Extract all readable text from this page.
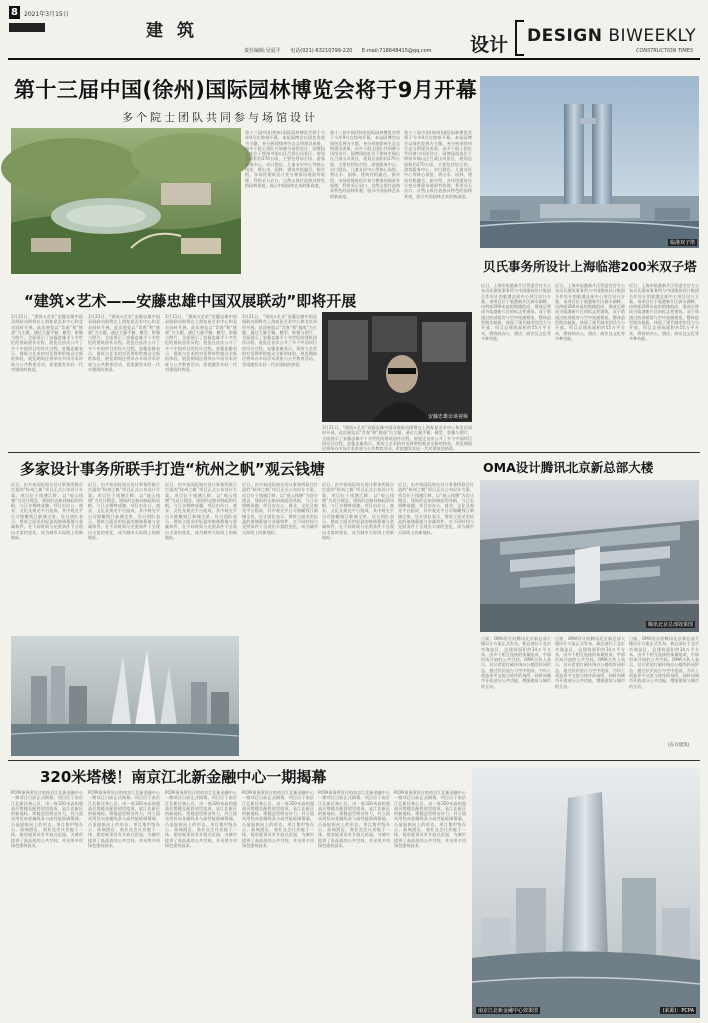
8	2021年3月15日
建筑
责任编辑:吴夏平 电话(021)-63210799-220 E-mail:718648415@qq.com 设计 DESIGN BIWEEKLY
CONSTRUCTION TIMES
第十三届中国(徐州)国际园林博览会将于9月开幕
多个院士团队共同参与场馆设计
第十三届中国(徐州)国际园林博览会将于今年9月在徐州开幕。本届园博会以绿色发展为主题，充分展现徐州生态文明建设成果，由多个院士团队共同参与场馆设计。园博园选址位于徐州市铜山区吕梁山风景区，规划总面积约270公顷，主要包括综合馆、游客服务中心、宕口酒店、儿童友好中心等核心场馆，将山水、园林、建筑有机融合。据介绍，各场馆建筑设计充分尊重场地原有肌理，利用采石宕口、自然山体打造独具特色的园林景观，展示中国园林艺术的新高度。
第十三届中国(徐州)国际园林博览会将于今年9月在徐州开幕。本届园博会以绿色发展为主题，充分展现徐州生态文明建设成果，由多个院士团队共同参与场馆设计。园博园选址位于徐州市铜山区吕梁山风景区，规划总面积约270公顷，主要包括综合馆、游客服务中心、宕口酒店、儿童友好中心等核心场馆，将山水、园林、建筑有机融合。据介绍，各场馆建筑设计充分尊重场地原有肌理，利用采石宕口、自然山体打造独具特色的园林景观，展示中国园林艺术的新高度。
第十三届中国(徐州)国际园林博览会将于今年9月在徐州开幕。本届园博会以绿色发展为主题，充分展现徐州生态文明建设成果，由多个院士团队共同参与场馆设计。园博园选址位于徐州市铜山区吕梁山风景区，规划总面积约270公顷，主要包括综合馆、游客服务中心、宕口酒店、儿童友好中心等核心场馆，将山水、园林、建筑有机融合。据介绍，各场馆建筑设计充分尊重场地原有肌理，利用采石宕口、自然山体打造独具特色的园林景观，展示中国园林艺术的新高度。
临港双子塔
贝氏事务所设计上海临港200米双子塔
近日，上海市临港新片区管委会官方公布贝氏建筑事务所与中国建筑设计集团合作设计的临港总部中心项目设计方案。该项目位于临港新片区滴水湖畔，由两座200米高的塔楼组成，建成后将成为临港新片区的标志性建筑。双子塔通过底部裙房与空中连廊相连，整体造型简洁挺拔，体现了现代城市的活力与开放。项目总建筑面积约55万平方米，将容纳办公、酒店、商业及文化等多种功能。
近日，上海市临港新片区管委会官方公布贝氏建筑事务所与中国建筑设计集团合作设计的临港总部中心项目设计方案。该项目位于临港新片区滴水湖畔，由两座200米高的塔楼组成，建成后将成为临港新片区的标志性建筑。双子塔通过底部裙房与空中连廊相连，整体造型简洁挺拔，体现了现代城市的活力与开放。项目总建筑面积约55万平方米，将容纳办公、酒店、商业及文化等多种功能。
近日，上海市临港新片区管委会官方公布贝氏建筑事务所与中国建筑设计集团合作设计的临港总部中心项目设计方案。该项目位于临港新片区滴水湖畔，由两座200米高的塔楼组成，建成后将成为临港新片区的标志性建筑。双子塔通过底部裙房与空中连廊相连，整体造型简洁挺拔，体现了现代城市的活力与开放。项目总建筑面积约55万平方米，将容纳办公、酒店、商业及文化等多种功能。
“建筑×艺术——安藤忠雄中国双展联动”即将开展
3月21日，“建筑×艺术”安藤忠雄中国双展联动即将在上海复星艺术中心和北京同时开展。此次展览以“青春”和“挑战”为主题，通过大量手稿、模型、影像与照片，全面展示了安藤忠雄半个多世纪的建筑创作历程。展览还首次公开了多个中国项目的设计过程。安藤忠雄表示，建筑与艺术的对话将带给观众全新的体验，展览期间还将举办多场学术讲座与公共教育活动，希望激发年轻一代对建筑的热爱。
3月21日，“建筑×艺术”安藤忠雄中国双展联动即将在上海复星艺术中心和北京同时开展。此次展览以“青春”和“挑战”为主题，通过大量手稿、模型、影像与照片，全面展示了安藤忠雄半个多世纪的建筑创作历程。展览还首次公开了多个中国项目的设计过程。安藤忠雄表示，建筑与艺术的对话将带给观众全新的体验，展览期间还将举办多场学术讲座与公共教育活动，希望激发年轻一代对建筑的热爱。
3月21日，“建筑×艺术”安藤忠雄中国双展联动即将在上海复星艺术中心和北京同时开展。此次展览以“青春”和“挑战”为主题，通过大量手稿、模型、影像与照片，全面展示了安藤忠雄半个多世纪的建筑创作历程。展览还首次公开了多个中国项目的设计过程。安藤忠雄表示，建筑与艺术的对话将带给观众全新的体验，展览期间还将举办多场学术讲座与公共教育活动，希望激发年轻一代对建筑的热爱。
3月21日，“建筑×艺术”安藤忠雄中国双展联动即将在上海复星艺术中心和北京同时开展。此次展览以“青春”和“挑战”为主题，通过大量手稿、模型、影像与照片，全面展示了安藤忠雄半个多世纪的建筑创作历程。展览还首次公开了多个中国项目的设计过程。安藤忠雄表示，建筑与艺术的对话将带给观众全新的体验，展览期间还将举办多场学术讲座与公共教育活动，希望激发年轻一代对建筑的热爱。
安藤忠雄访谈视频
3月21日，“建筑×艺术”安藤忠雄中国双展联动即将在上海复星艺术中心和北京同时开展。此次展览以“青春”和“挑战”为主题，通过大量手稿、模型、影像与照片，全面展示了安藤忠雄半个多世纪的建筑创作历程。展览还首次公开了多个中国项目的设计过程。安藤忠雄表示，建筑与艺术的对话将带给观众全新的体验，展览期间还将举办多场学术讲座与公共教育活动，希望激发年轻一代对建筑的热爱。
多家设计事务所联手打造“杭州之帆”观云钱塘
近日，由多家国际知名设计事务所联合打造的“杭州之帆”项目正式公布设计方案。项目位于钱塘江畔，以“观云钱塘”为设计理念，建筑形态如同扬起的风帆，与江水相映成趣。项目由办公、商业、文化及观光平台组成，其中观光平台可俯瞰钱江新城全景。设计团队表示，建筑立面采用轻盈的玻璃幕墙与金属构件，在不同时间与光照条件下呈现出丰富的变化，成为城市天际线上的新地标。
近日，由多家国际知名设计事务所联合打造的“杭州之帆”项目正式公布设计方案。项目位于钱塘江畔，以“观云钱塘”为设计理念，建筑形态如同扬起的风帆，与江水相映成趣。项目由办公、商业、文化及观光平台组成，其中观光平台可俯瞰钱江新城全景。设计团队表示，建筑立面采用轻盈的玻璃幕墙与金属构件，在不同时间与光照条件下呈现出丰富的变化，成为城市天际线上的新地标。
近日，由多家国际知名设计事务所联合打造的“杭州之帆”项目正式公布设计方案。项目位于钱塘江畔，以“观云钱塘”为设计理念，建筑形态如同扬起的风帆，与江水相映成趣。项目由办公、商业、文化及观光平台组成，其中观光平台可俯瞰钱江新城全景。设计团队表示，建筑立面采用轻盈的玻璃幕墙与金属构件，在不同时间与光照条件下呈现出丰富的变化，成为城市天际线上的新地标。
近日，由多家国际知名设计事务所联合打造的“杭州之帆”项目正式公布设计方案。项目位于钱塘江畔，以“观云钱塘”为设计理念，建筑形态如同扬起的风帆，与江水相映成趣。项目由办公、商业、文化及观光平台组成，其中观光平台可俯瞰钱江新城全景。设计团队表示，建筑立面采用轻盈的玻璃幕墙与金属构件，在不同时间与光照条件下呈现出丰富的变化，成为城市天际线上的新地标。
近日，由多家国际知名设计事务所联合打造的“杭州之帆”项目正式公布设计方案。项目位于钱塘江畔，以“观云钱塘”为设计理念，建筑形态如同扬起的风帆，与江水相映成趣。项目由办公、商业、文化及观光平台组成，其中观光平台可俯瞰钱江新城全景。设计团队表示，建筑立面采用轻盈的玻璃幕墙与金属构件，在不同时间与光照条件下呈现出丰富的变化，成为城市天际线上的新地标。
近日，由多家国际知名设计事务所联合打造的“杭州之帆”项目正式公布设计方案。项目位于钱塘江畔，以“观云钱塘”为设计理念，建筑形态如同扬起的风帆，与江水相映成趣。项目由办公、商业、文化及观光平台组成，其中观光平台可俯瞰钱江新城全景。设计团队表示，建筑立面采用轻盈的玻璃幕墙与金属构件，在不同时间与光照条件下呈现出丰富的变化，成为城市天际线上的新地标。
OMA设计腾讯北京新总部大楼
腾讯北京总部效果图
日前，OMA设计的腾讯北京新总部大楼设计方案正式发布。新总部位于北京市海淀区，总建筑面积约34万平方米，由多个相互连接的体量组成，中部形成开放的公共空间。OMA合伙人表示，设计希望打破传统办公楼的封闭形态，通过层层退台与空中花园，为员工创造更多交流与协作的场所，同时向城市开放部分公共功能，增强建筑与城市的互动。
日前，OMA设计的腾讯北京新总部大楼设计方案正式发布。新总部位于北京市海淀区，总建筑面积约34万平方米，由多个相互连接的体量组成，中部形成开放的公共空间。OMA合伙人表示，设计希望打破传统办公楼的封闭形态，通过层层退台与空中花园，为员工创造更多交流与协作的场所，同时向城市开放部分公共功能，增强建筑与城市的互动。
日前，OMA设计的腾讯北京新总部大楼设计方案正式发布。新总部位于北京市海淀区，总建筑面积约34万平方米，由多个相互连接的体量组成，中部形成开放的公共空间。OMA合伙人表示，设计希望打破传统办公楼的封闭形态，通过层层退台与空中花园，为员工创造更多交流与协作的场所，同时向城市开放部分公共功能，增强建筑与城市的互动。
(东方建筑)
320米塔楼！南京江北新金融中心一期揭幕
PCPA事务所设计的南京江北新金融中心一期项目日前正式揭幕。项目位于南京江北新区核心区，由一座320米高的超高层塔楼及配套裙房组成，是江北新区的新地标。塔楼造型简洁有力，外立面采用竖向金属线条与高性能玻璃幕墙，凸显挺拔向上的形态。项目集甲级办公、高端酒店、商业及会议功能于一体，裙房屋顶设有开放式花园，为城市提供了高品质的公共空间，并采用多项绿色建筑技术。
PCPA事务所设计的南京江北新金融中心一期项目日前正式揭幕。项目位于南京江北新区核心区，由一座320米高的超高层塔楼及配套裙房组成，是江北新区的新地标。塔楼造型简洁有力，外立面采用竖向金属线条与高性能玻璃幕墙，凸显挺拔向上的形态。项目集甲级办公、高端酒店、商业及会议功能于一体，裙房屋顶设有开放式花园，为城市提供了高品质的公共空间，并采用多项绿色建筑技术。
PCPA事务所设计的南京江北新金融中心一期项目日前正式揭幕。项目位于南京江北新区核心区，由一座320米高的超高层塔楼及配套裙房组成，是江北新区的新地标。塔楼造型简洁有力，外立面采用竖向金属线条与高性能玻璃幕墙，凸显挺拔向上的形态。项目集甲级办公、高端酒店、商业及会议功能于一体，裙房屋顶设有开放式花园，为城市提供了高品质的公共空间，并采用多项绿色建筑技术。
PCPA事务所设计的南京江北新金融中心一期项目日前正式揭幕。项目位于南京江北新区核心区，由一座320米高的超高层塔楼及配套裙房组成，是江北新区的新地标。塔楼造型简洁有力，外立面采用竖向金属线条与高性能玻璃幕墙，凸显挺拔向上的形态。项目集甲级办公、高端酒店、商业及会议功能于一体，裙房屋顶设有开放式花园，为城市提供了高品质的公共空间，并采用多项绿色建筑技术。
PCPA事务所设计的南京江北新金融中心一期项目日前正式揭幕。项目位于南京江北新区核心区，由一座320米高的超高层塔楼及配套裙房组成，是江北新区的新地标。塔楼造型简洁有力，外立面采用竖向金属线条与高性能玻璃幕墙，凸显挺拔向上的形态。项目集甲级办公、高端酒店、商业及会议功能于一体，裙房屋顶设有开放式花园，为城市提供了高品质的公共空间，并采用多项绿色建筑技术。
PCPA事务所设计的南京江北新金融中心一期项目日前正式揭幕。项目位于南京江北新区核心区，由一座320米高的超高层塔楼及配套裙房组成，是江北新区的新地标。塔楼造型简洁有力，外立面采用竖向金属线条与高性能玻璃幕墙，凸显挺拔向上的形态。项目集甲级办公、高端酒店、商业及会议功能于一体，裙房屋顶设有开放式花园，为城市提供了高品质的公共空间，并采用多项绿色建筑技术。
南京江北新金融中心效果图	(来源)：PCPA
